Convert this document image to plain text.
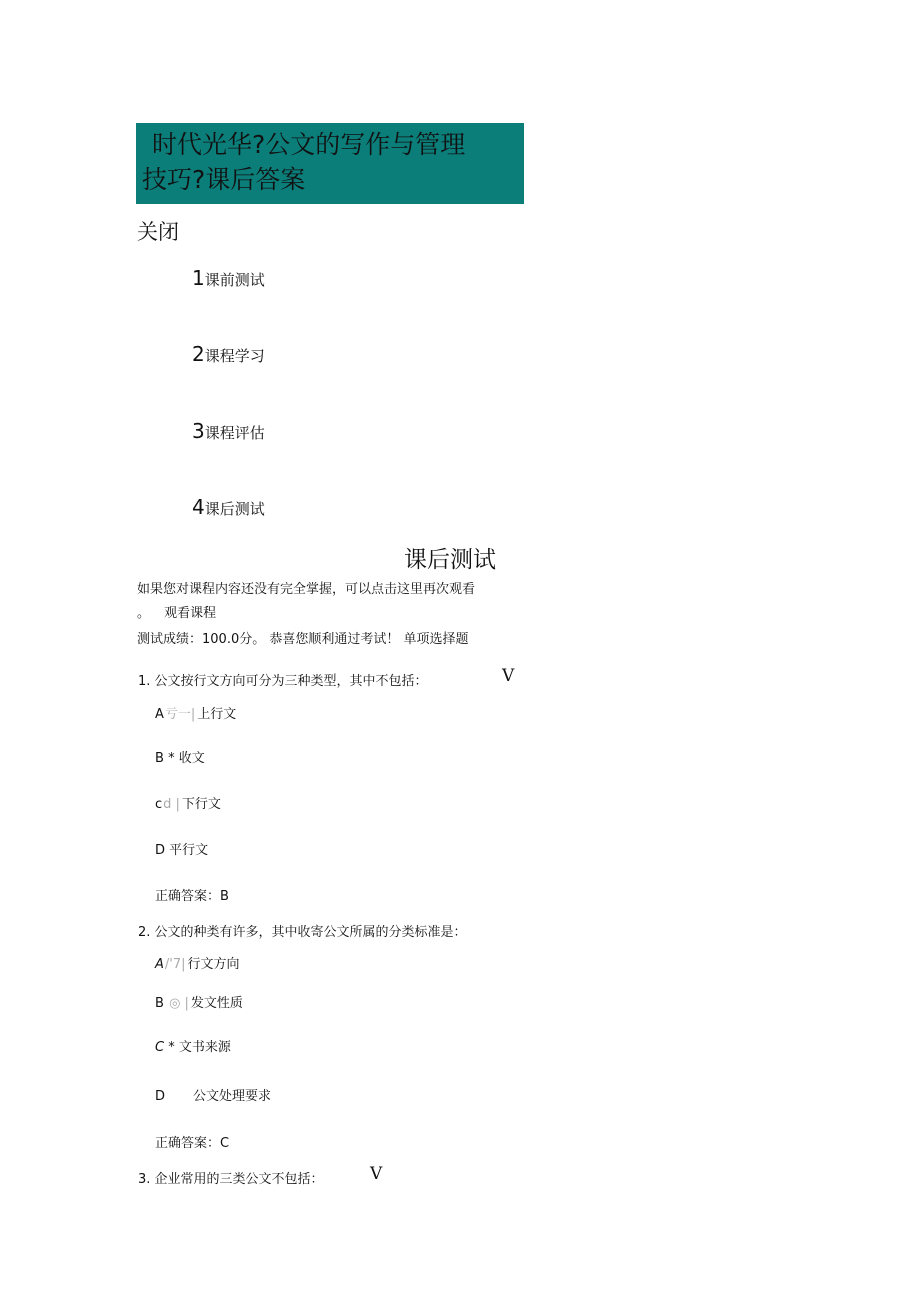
时代光华?公文的写作与管理
技巧?课后答案
关闭
1课前测试
2课程学习
3课程评估
4课后测试
课后测试
如果您对课程内容还没有完全掌握，可以点击这里再次观看
。 观看课程
测试成绩：100.0分。 恭喜您顺利通过考试！ 单项选择题
1. 公文按行文方向可分为三种类型，其中不包括：	V
A亏一| 上行文
B * 收文
cd | 下行文
D 平行文
正确答案：B
2. 公文的种类有许多，其中收寄公文所属的分类标准是：
A/'7| 行文方向
B ◎ | 发文性质
C * 文书来源
D 公文处理要求
正确答案：C
3. 企业常用的三类公文不包括：	V
